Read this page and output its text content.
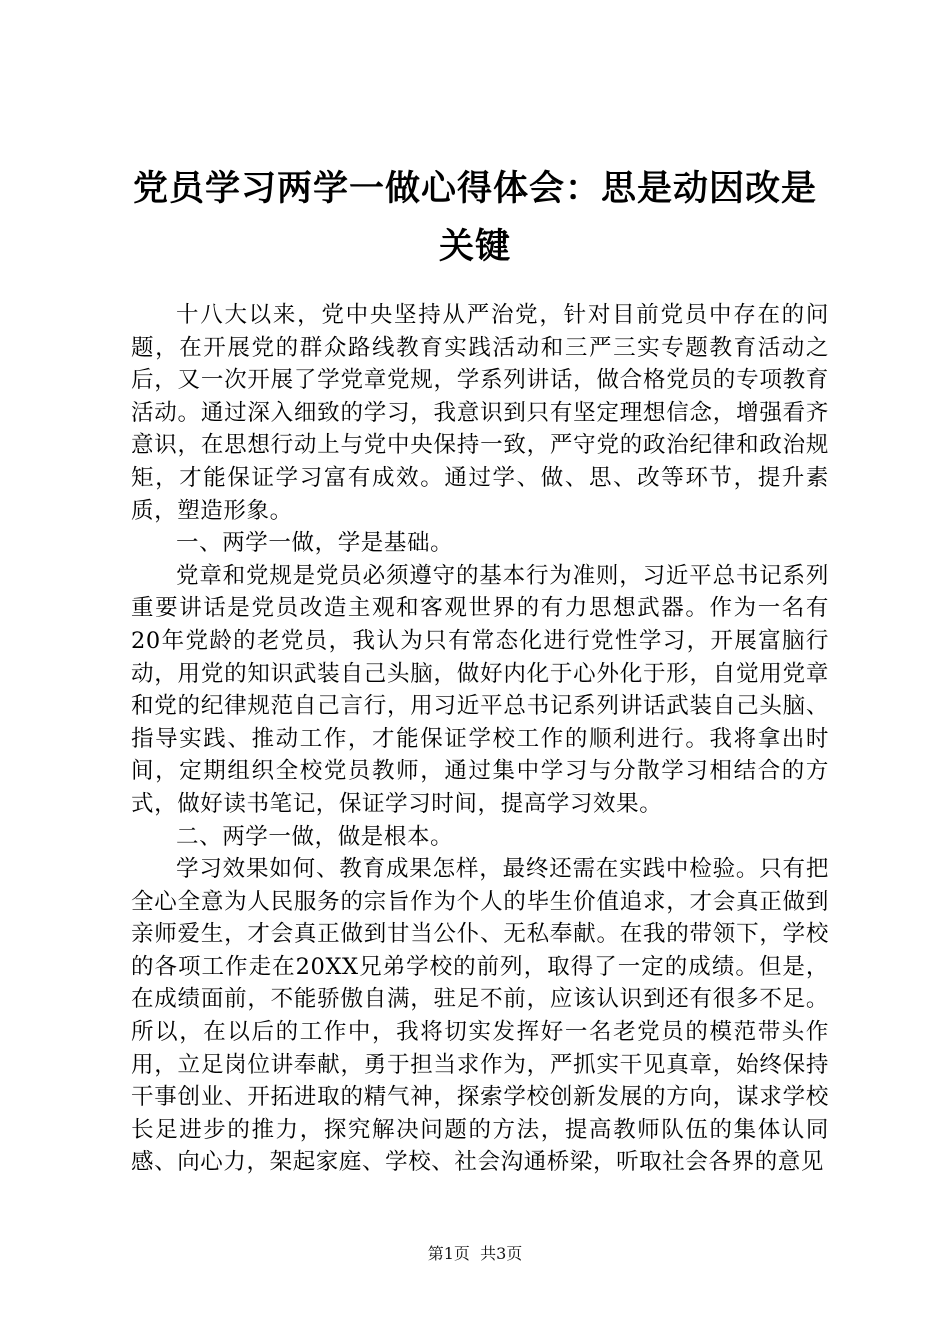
党员学习两学一做心得体会：思是动因改是关键

十八大以来，党中央坚持从严治党，针对目前党员中存在的问题，在开展党的群众路线教育实践活动和三严三实专题教育活动之后，又一次开展了学党章党规，学系列讲话，做合格党员的专项教育活动。通过深入细致的学习，我意识到只有坚定理想信念，增强看齐意识，在思想行动上与党中央保持一致，严守党的政治纪律和政治规矩，才能保证学习富有成效。通过学、做、思、改等环节，提升素质，塑造形象。

一、两学一做，学是基础。

党章和党规是党员必须遵守的基本行为准则，习近平总书记系列重要讲话是党员改造主观和客观世界的有力思想武器。作为一名有20年党龄的老党员，我认为只有常态化进行党性学习，开展富脑行动，用党的知识武装自己头脑，做好内化于心外化于形，自觉用党章和党的纪律规范自己言行，用习近平总书记系列讲话武装自己头脑、指导实践、推动工作，才能保证学校工作的顺利进行。我将拿出时间，定期组织全校党员教师，通过集中学习与分散学习相结合的方式，做好读书笔记，保证学习时间，提高学习效果。

二、两学一做，做是根本。

学习效果如何、教育成果怎样，最终还需在实践中检验。只有把全心全意为人民服务的宗旨作为个人的毕生价值追求，才会真正做到亲师爱生，才会真正做到甘当公仆、无私奉献。在我的带领下，学校的各项工作走在20XX兄弟学校的前列，取得了一定的成绩。但是，在成绩面前，不能骄傲自满，驻足不前，应该认识到还有很多不足。所以，在以后的工作中，我将切实发挥好一名老党员的模范带头作用，立足岗位讲奉献，勇于担当求作为，严抓实干见真章，始终保持干事创业、开拓进取的精气神，探索学校创新发展的方向，谋求学校长足进步的推力，探究解决问题的方法，提高教师队伍的集体认同感、向心力，架起家庭、学校、社会沟通桥梁，听取社会各界的意见

第1页 共3页
